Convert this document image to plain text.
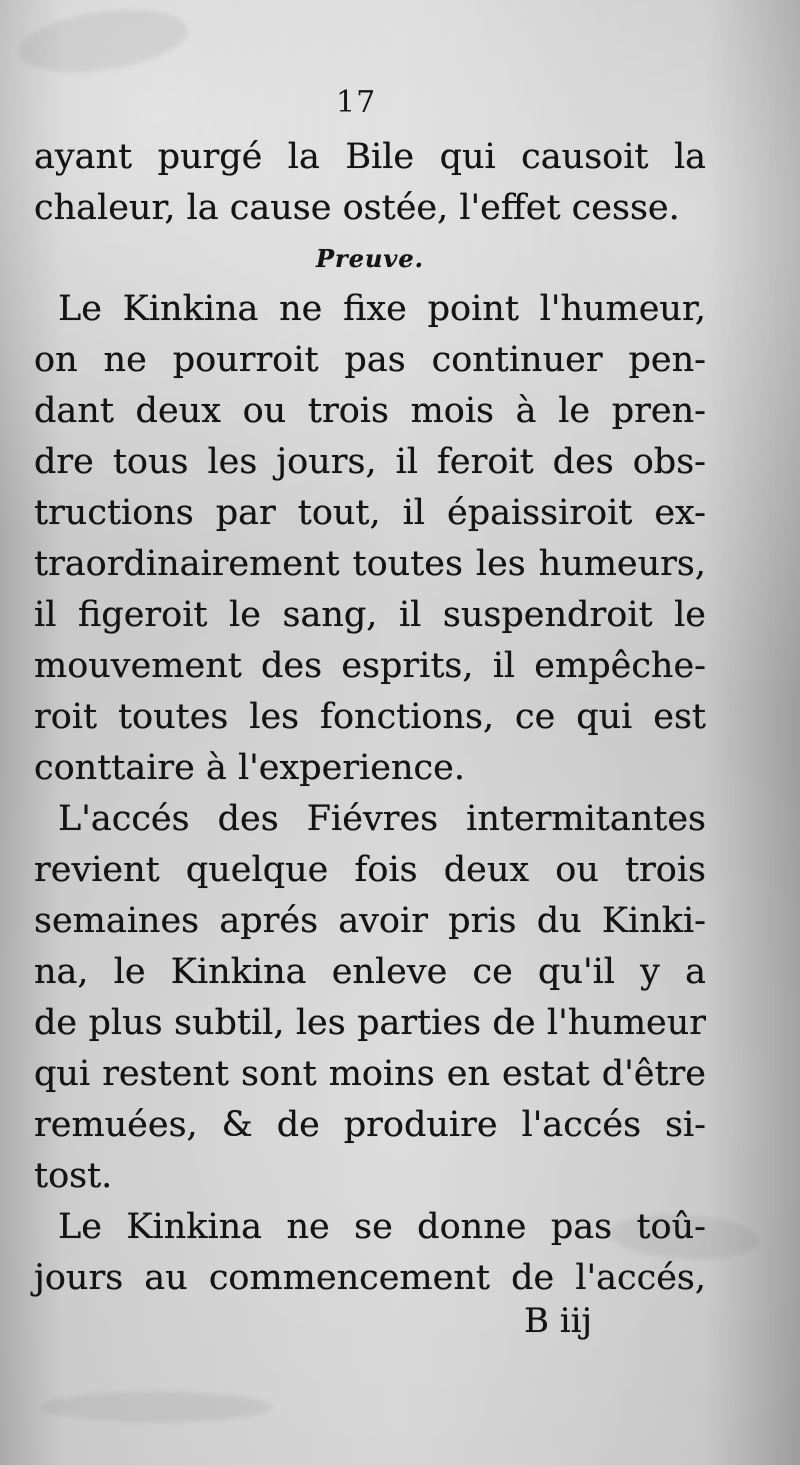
17
ayant purgé la Bile qui causoit la
chaleur, la cause ostée, l'effet cesse.
Preuve.
Le Kinkina ne fixe point l'humeur,
on ne pourroit pas continuer pen-
dant deux ou trois mois à le pren-
dre tous les jours, il feroit des obs-
tructions par tout, il épaissiroit ex-
traordinairement toutes les humeurs,
il figeroit le sang, il suspendroit le
mouvement des esprits, il empêche-
roit toutes les fonctions, ce qui est
conttaire à l'experience.
L'accés des Fiévres intermitantes
revient quelque fois deux ou trois
semaines aprés avoir pris du Kinki-
na, le Kinkina enleve ce qu'il y a
de plus subtil, les parties de l'humeur
qui restent sont moins en estat d'être
remuées, & de produire l'accés si-
tost.
Le Kinkina ne se donne pas toû-
jours au commencement de l'accés,
B iij
